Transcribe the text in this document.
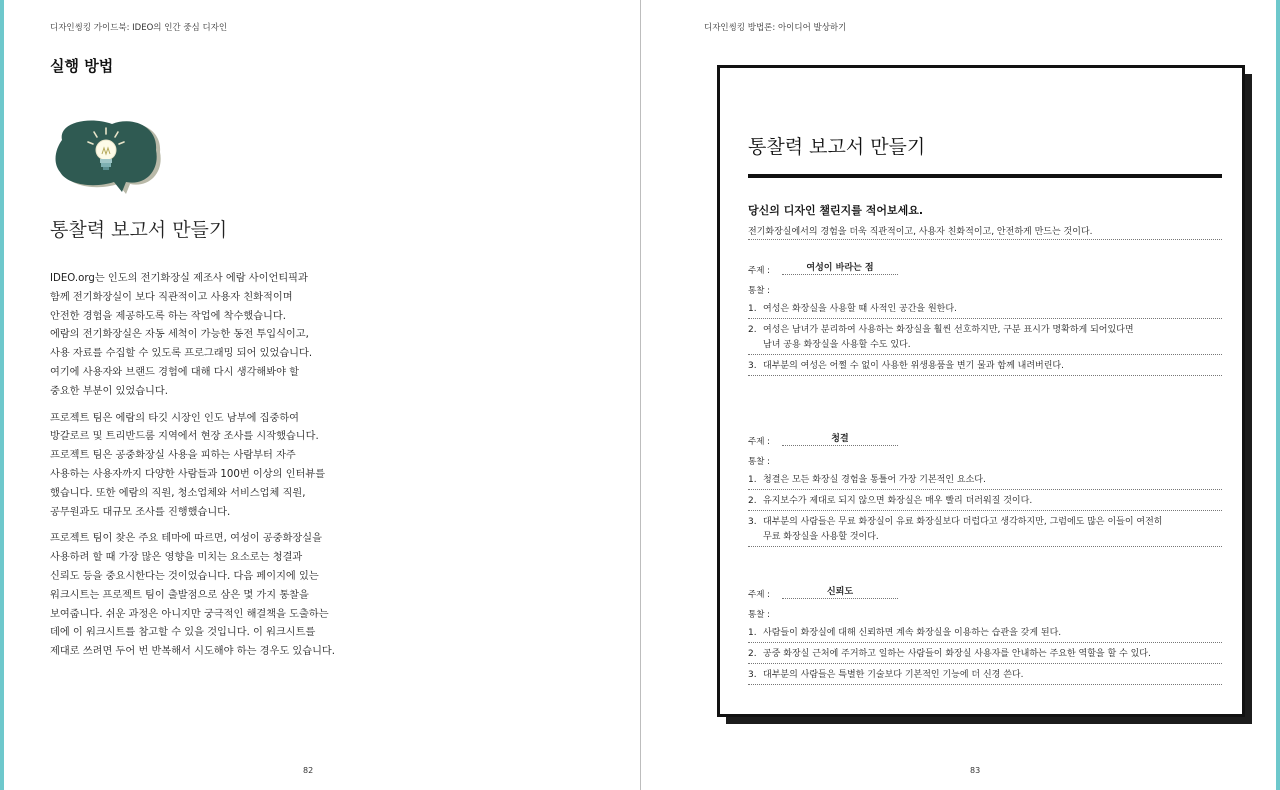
디자인씽킹 가이드북: IDEO의 인간 중심 디자인
실행 방법
통찰력 보고서 만들기

IDEO.org는 인도의 전기화장실 제조사 에람 사이언티픽과
함께 전기화장실이 보다 직관적이고 사용자 친화적이며
안전한 경험을 제공하도록 하는 작업에 착수했습니다.
에람의 전기화장실은 자동 세척이 가능한 동전 투입식이고,
사용 자료를 수집할 수 있도록 프로그래밍 되어 있었습니다.
여기에 사용자와 브랜드 경험에 대해 다시 생각해봐야 할
중요한 부분이 있었습니다.

프로젝트 팀은 에람의 타깃 시장인 인도 남부에 집중하여
방갈로르 및 트리반드룸 지역에서 현장 조사를 시작했습니다.
프로젝트 팀은 공중화장실 사용을 피하는 사람부터 자주
사용하는 사용자까지 다양한 사람들과 100번 이상의 인터뷰를
했습니다. 또한 에람의 직원, 청소업체와 서비스업체 직원,
공무원과도 대규모 조사를 진행했습니다.

프로젝트 팀이 찾은 주요 테마에 따르면, 여성이 공중화장실을
사용하려 할 때 가장 많은 영향을 미치는 요소로는 청결과
신뢰도 등을 중요시한다는 것이었습니다. 다음 페이지에 있는
워크시트는 프로젝트 팀이 출발점으로 삼은 몇 가지 통찰을
보여줍니다. 쉬운 과정은 아니지만 궁극적인 해결책을 도출하는
데에 이 워크시트를 참고할 수 있을 것입니다. 이 워크시트를
제대로 쓰려면 두어 번 반복해서 시도해야 하는 경우도 있습니다.

82
디자인씽킹 방법론: 아이디어 발상하기
통찰력 보고서 만들기
당신의 디자인 챌린지를 적어보세요.
전기화장실에서의 경험을 더욱 직관적이고, 사용자 친화적이고, 안전하게 만드는 것이다.
주제 :	여성이 바라는 점
통찰 :
1. 여성은 화장실을 사용할 때 사적인 공간을 원한다.
2. 여성은 남녀가 분리하여 사용하는 화장실을 훨씬 선호하지만, 구분 표시가 명확하게 되어있다면
남녀 공용 화장실을 사용할 수도 있다.
3. 대부분의 여성은 어쩔 수 없이 사용한 위생용품을 변기 물과 함께 내려버린다.
주제 :	청결
통찰 :
1. 청결은 모든 화장실 경험을 통틀어 가장 기본적인 요소다.
2. 유지보수가 제대로 되지 않으면 화장실은 매우 빨리 더러워질 것이다.
3. 대부분의 사람들은 무료 화장실이 유료 화장실보다 더럽다고 생각하지만, 그럼에도 많은 이들이 여전히
무료 화장실을 사용할 것이다.
주제 :	신뢰도
통찰 :
1. 사람들이 화장실에 대해 신뢰하면 계속 화장실을 이용하는 습관을 갖게 된다.
2. 공중 화장실 근처에 주거하고 일하는 사람들이 화장실 사용자를 안내하는 주요한 역할을 할 수 있다.
3. 대부분의 사람들은 특별한 기술보다 기본적인 기능에 더 신경 쓴다.
83
